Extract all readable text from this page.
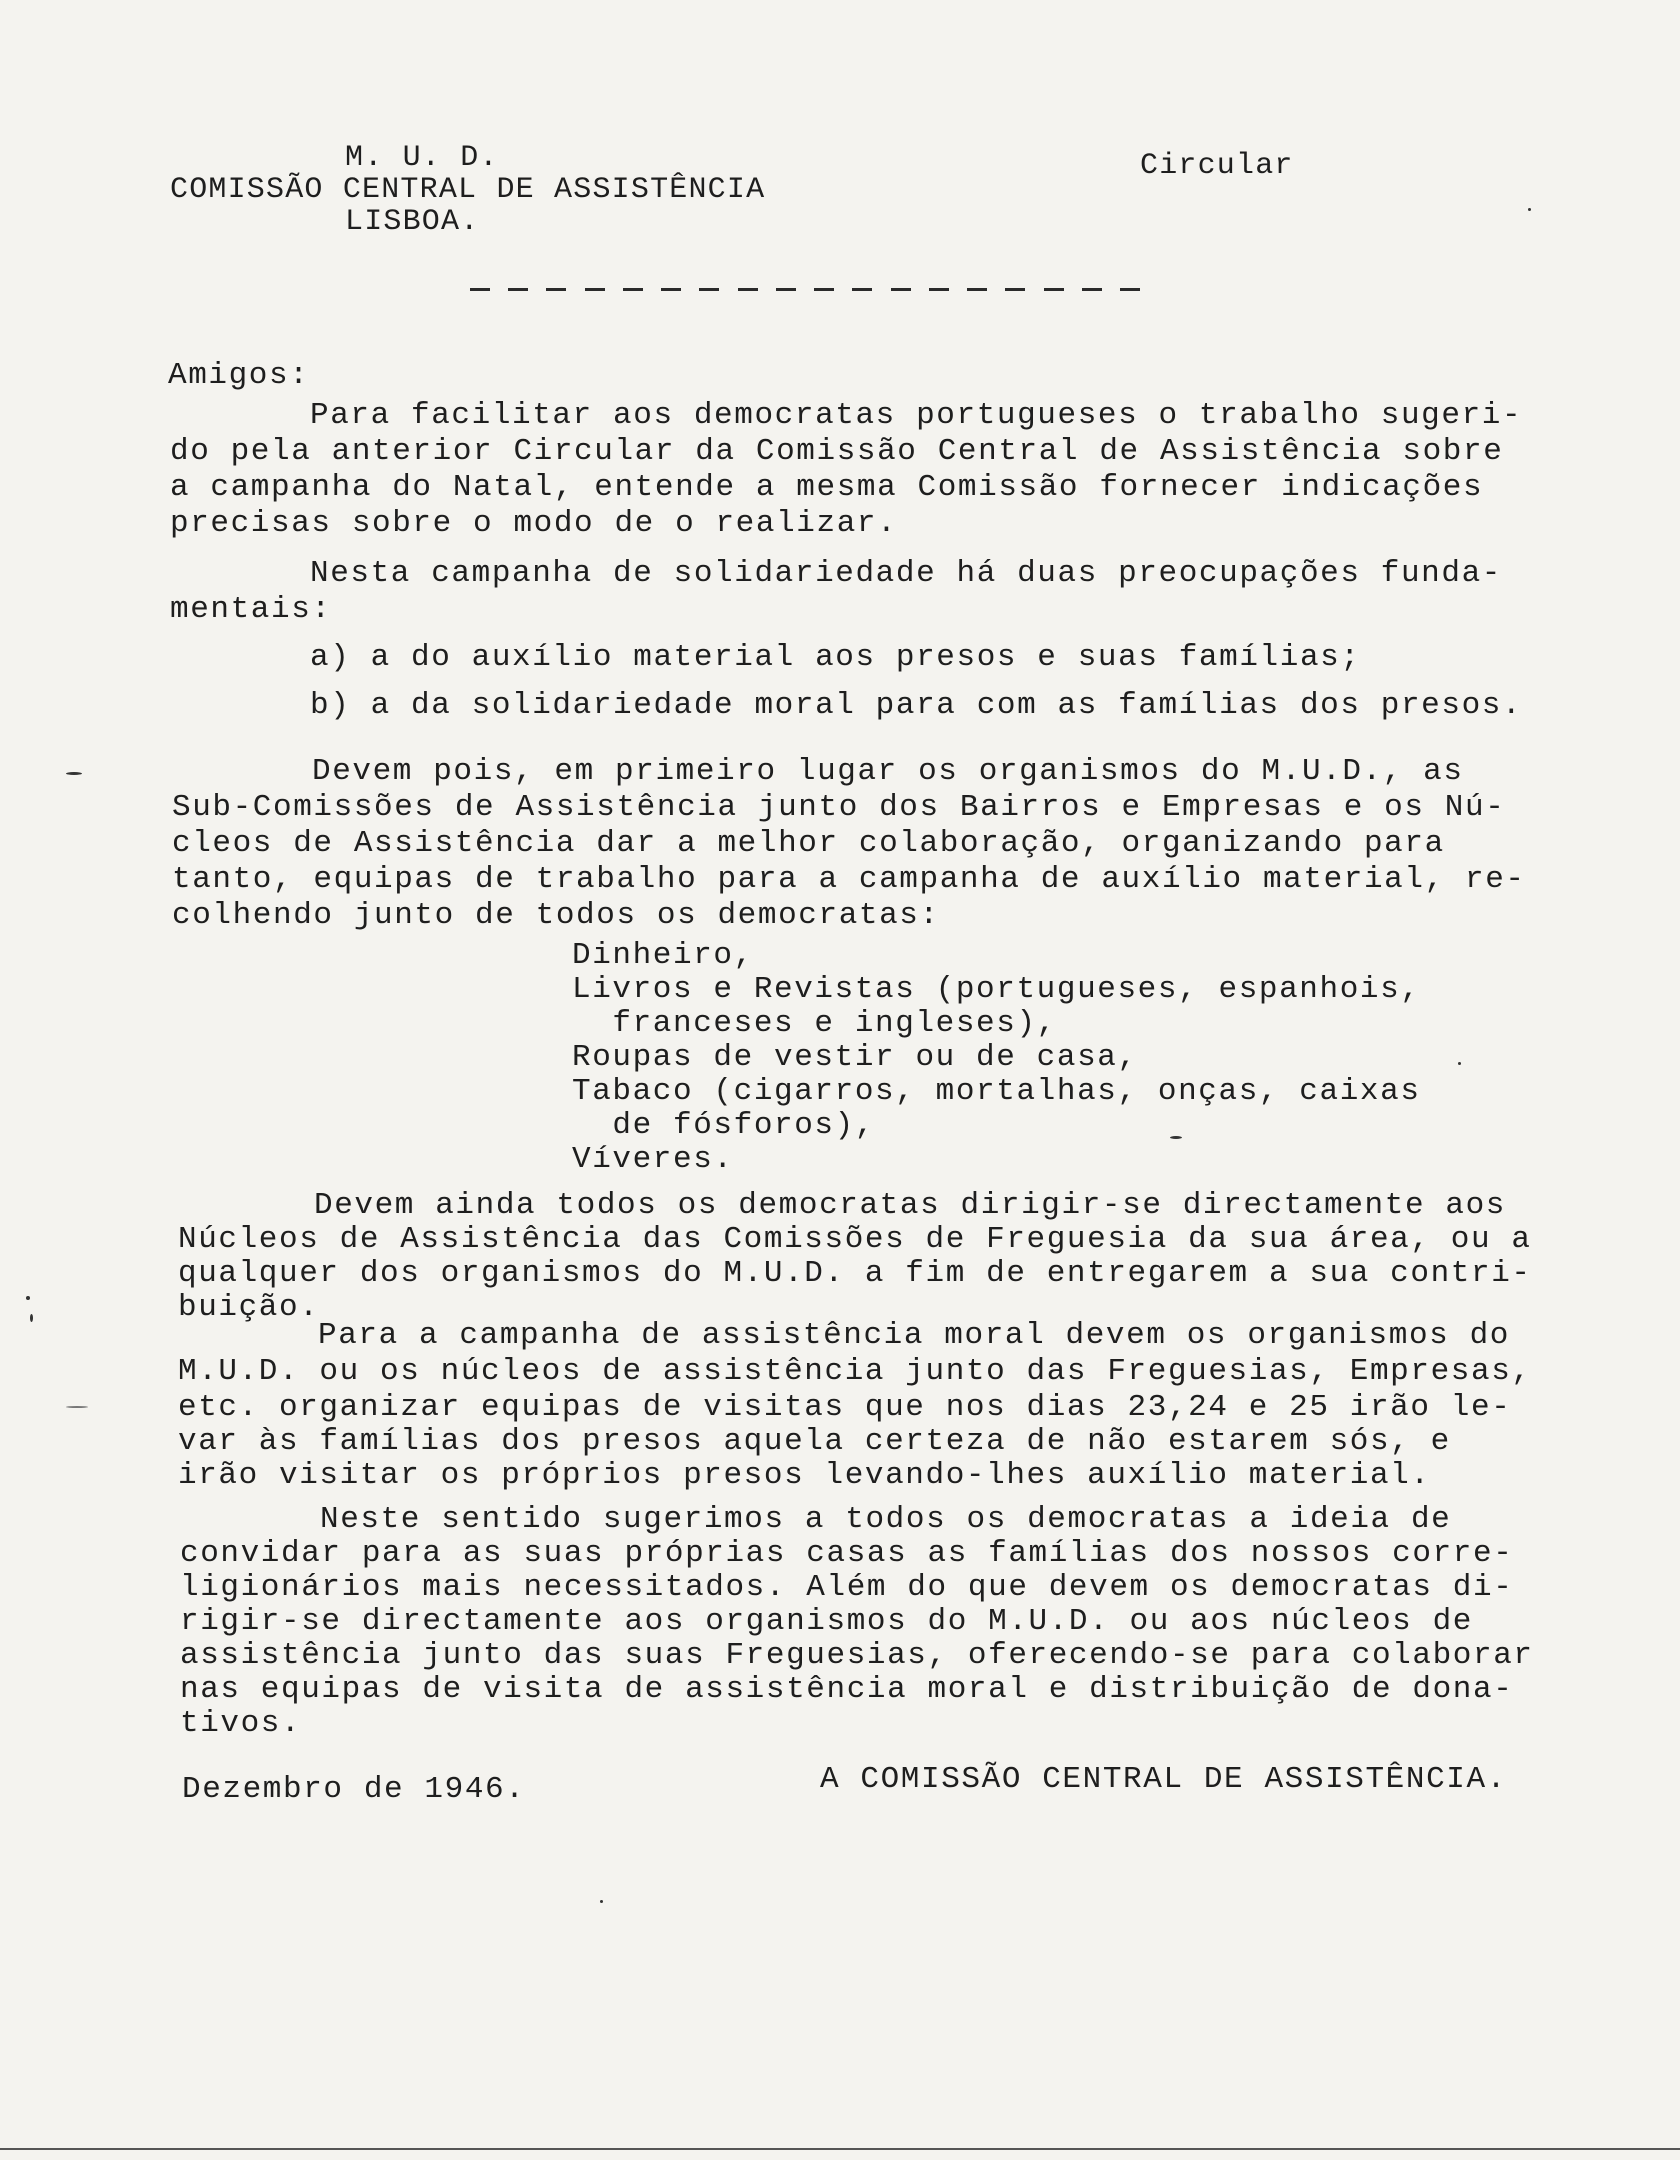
M. U. D.
COMISSÃO CENTRAL DE ASSISTÊNCIA
LISBOA.
Circular
Amigos:
Para facilitar aos democratas portugueses o trabalho sugeri-
do pela anterior Circular da Comissão Central de Assistência sobre
a campanha do Natal, entende a mesma Comissão fornecer indicações
precisas sobre o modo de o realizar.
Nesta campanha de solidariedade há duas preocupações funda-
mentais:
a) a do auxílio material aos presos e suas famílias;
b) a da solidariedade moral para com as famílias dos presos.
Devem pois, em primeiro lugar os organismos do M.U.D., as
Sub-Comissões de Assistência junto dos Bairros e Empresas e os Nú-
cleos de Assistência dar a melhor colaboração, organizando para
tanto, equipas de trabalho para a campanha de auxílio material, re-
colhendo junto de todos os democratas:
Dinheiro,
Livros e Revistas (portugueses, espanhois,
franceses e ingleses),
Roupas de vestir ou de casa,
Tabaco (cigarros, mortalhas, onças, caixas
de fósforos),
Víveres.
Devem ainda todos os democratas dirigir-se directamente aos
Núcleos de Assistência das Comissões de Freguesia da sua área, ou a
qualquer dos organismos do M.U.D. a fim de entregarem a sua contri-
buição.
Para a campanha de assistência moral devem os organismos do
M.U.D. ou os núcleos de assistência junto das Freguesias, Empresas,
etc. organizar equipas de visitas que nos dias 23,24 e 25 irão le-
var às famílias dos presos aquela certeza de não estarem sós, e
irão visitar os próprios presos levando-lhes auxílio material.
Neste sentido sugerimos a todos os democratas a ideia de
convidar para as suas próprias casas as famílias dos nossos corre-
ligionários mais necessitados. Além do que devem os democratas di-
rigir-se directamente aos organismos do M.U.D. ou aos núcleos de
assistência junto das suas Freguesias, oferecendo-se para colaborar
nas equipas de visita de assistência moral e distribuição de dona-
tivos.
Dezembro de 1946.	A COMISSÃO CENTRAL DE ASSISTÊNCIA.
